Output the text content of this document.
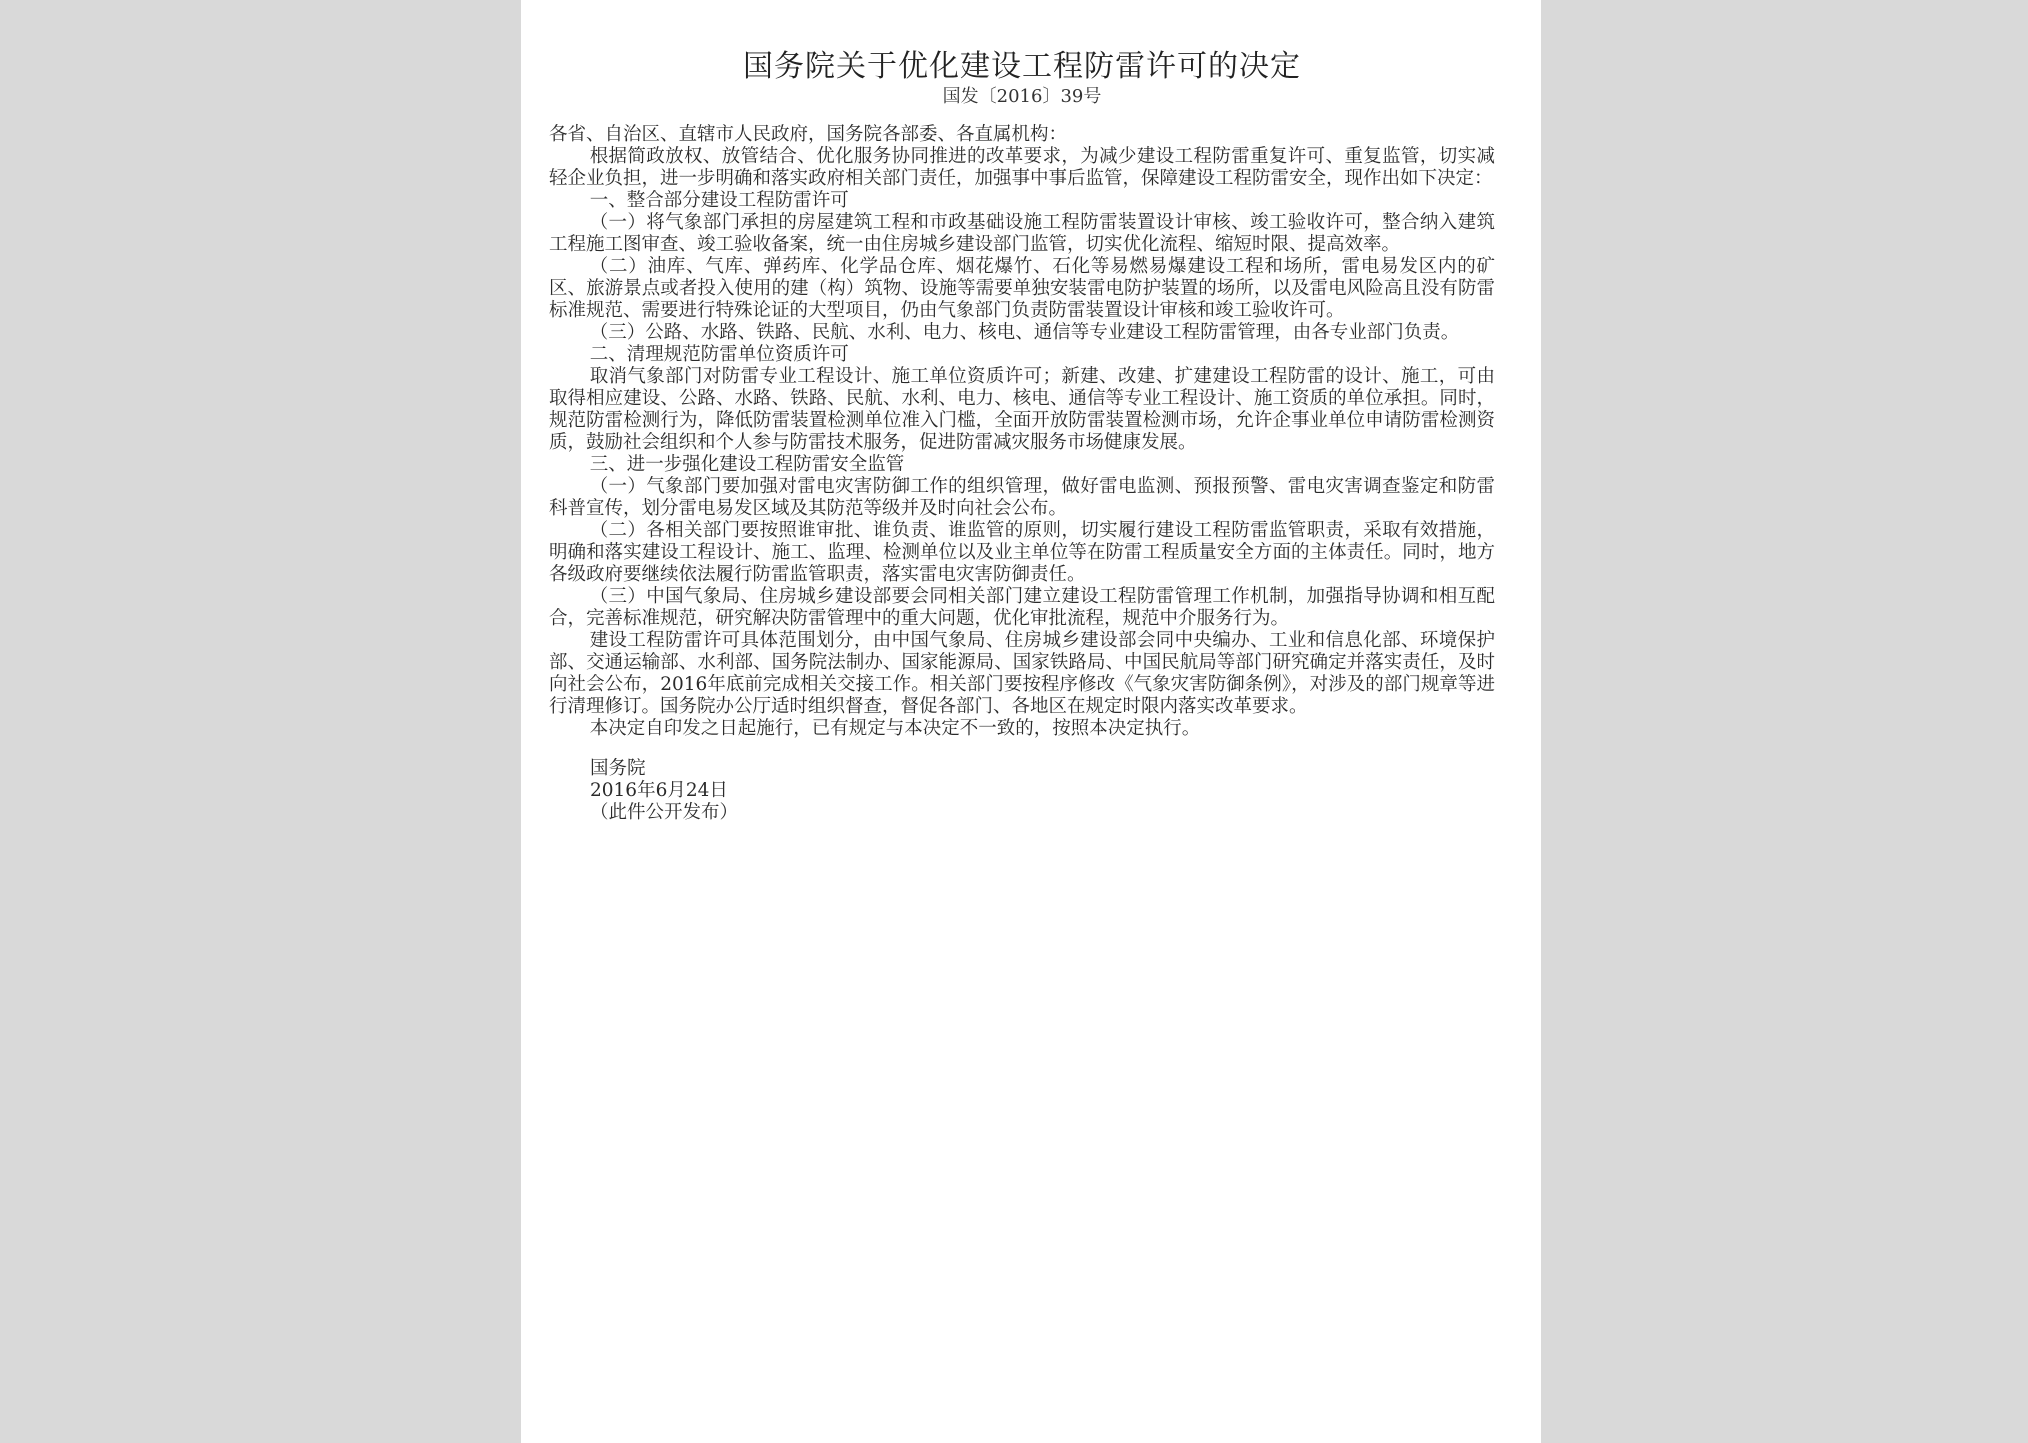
国务院关于优化建设工程防雷许可的决定
国发〔2016〕39号

各省、自治区、直辖市人民政府，国务院各部委、各直属机构：

根据简政放权、放管结合、优化服务协同推进的改革要求，为减少建设工程防雷重复许可、重复监管，切实减轻企业负担，进一步明确和落实政府相关部门责任，加强事中事后监管，保障建设工程防雷安全，现作出如下决定：

一、整合部分建设工程防雷许可

（一）将气象部门承担的房屋建筑工程和市政基础设施工程防雷装置设计审核、竣工验收许可，整合纳入建筑工程施工图审查、竣工验收备案，统一由住房城乡建设部门监管，切实优化流程、缩短时限、提高效率。

（二）油库、气库、弹药库、化学品仓库、烟花爆竹、石化等易燃易爆建设工程和场所，雷电易发区内的矿区、旅游景点或者投入使用的建（构）筑物、设施等需要单独安装雷电防护装置的场所，以及雷电风险高且没有防雷标准规范、需要进行特殊论证的大型项目，仍由气象部门负责防雷装置设计审核和竣工验收许可。

（三）公路、水路、铁路、民航、水利、电力、核电、通信等专业建设工程防雷管理，由各专业部门负责。

二、清理规范防雷单位资质许可

取消气象部门对防雷专业工程设计、施工单位资质许可；新建、改建、扩建建设工程防雷的设计、施工，可由取得相应建设、公路、水路、铁路、民航、水利、电力、核电、通信等专业工程设计、施工资质的单位承担。同时，规范防雷检测行为，降低防雷装置检测单位准入门槛，全面开放防雷装置检测市场，允许企事业单位申请防雷检测资质，鼓励社会组织和个人参与防雷技术服务，促进防雷减灾服务市场健康发展。

三、进一步强化建设工程防雷安全监管

（一）气象部门要加强对雷电灾害防御工作的组织管理，做好雷电监测、预报预警、雷电灾害调查鉴定和防雷科普宣传，划分雷电易发区域及其防范等级并及时向社会公布。

（二）各相关部门要按照谁审批、谁负责、谁监管的原则，切实履行建设工程防雷监管职责，采取有效措施，明确和落实建设工程设计、施工、监理、检测单位以及业主单位等在防雷工程质量安全方面的主体责任。同时，地方各级政府要继续依法履行防雷监管职责，落实雷电灾害防御责任。

（三）中国气象局、住房城乡建设部要会同相关部门建立建设工程防雷管理工作机制，加强指导协调和相互配合，完善标准规范，研究解决防雷管理中的重大问题，优化审批流程，规范中介服务行为。

建设工程防雷许可具体范围划分，由中国气象局、住房城乡建设部会同中央编办、工业和信息化部、环境保护部、交通运输部、水利部、国务院法制办、国家能源局、国家铁路局、中国民航局等部门研究确定并落实责任，及时向社会公布，2016年底前完成相关交接工作。相关部门要按程序修改《气象灾害防御条例》，对涉及的部门规章等进行清理修订。国务院办公厅适时组织督查，督促各部门、各地区在规定时限内落实改革要求。

本决定自印发之日起施行，已有规定与本决定不一致的，按照本决定执行。

国务院

2016年6月24日

（此件公开发布）
